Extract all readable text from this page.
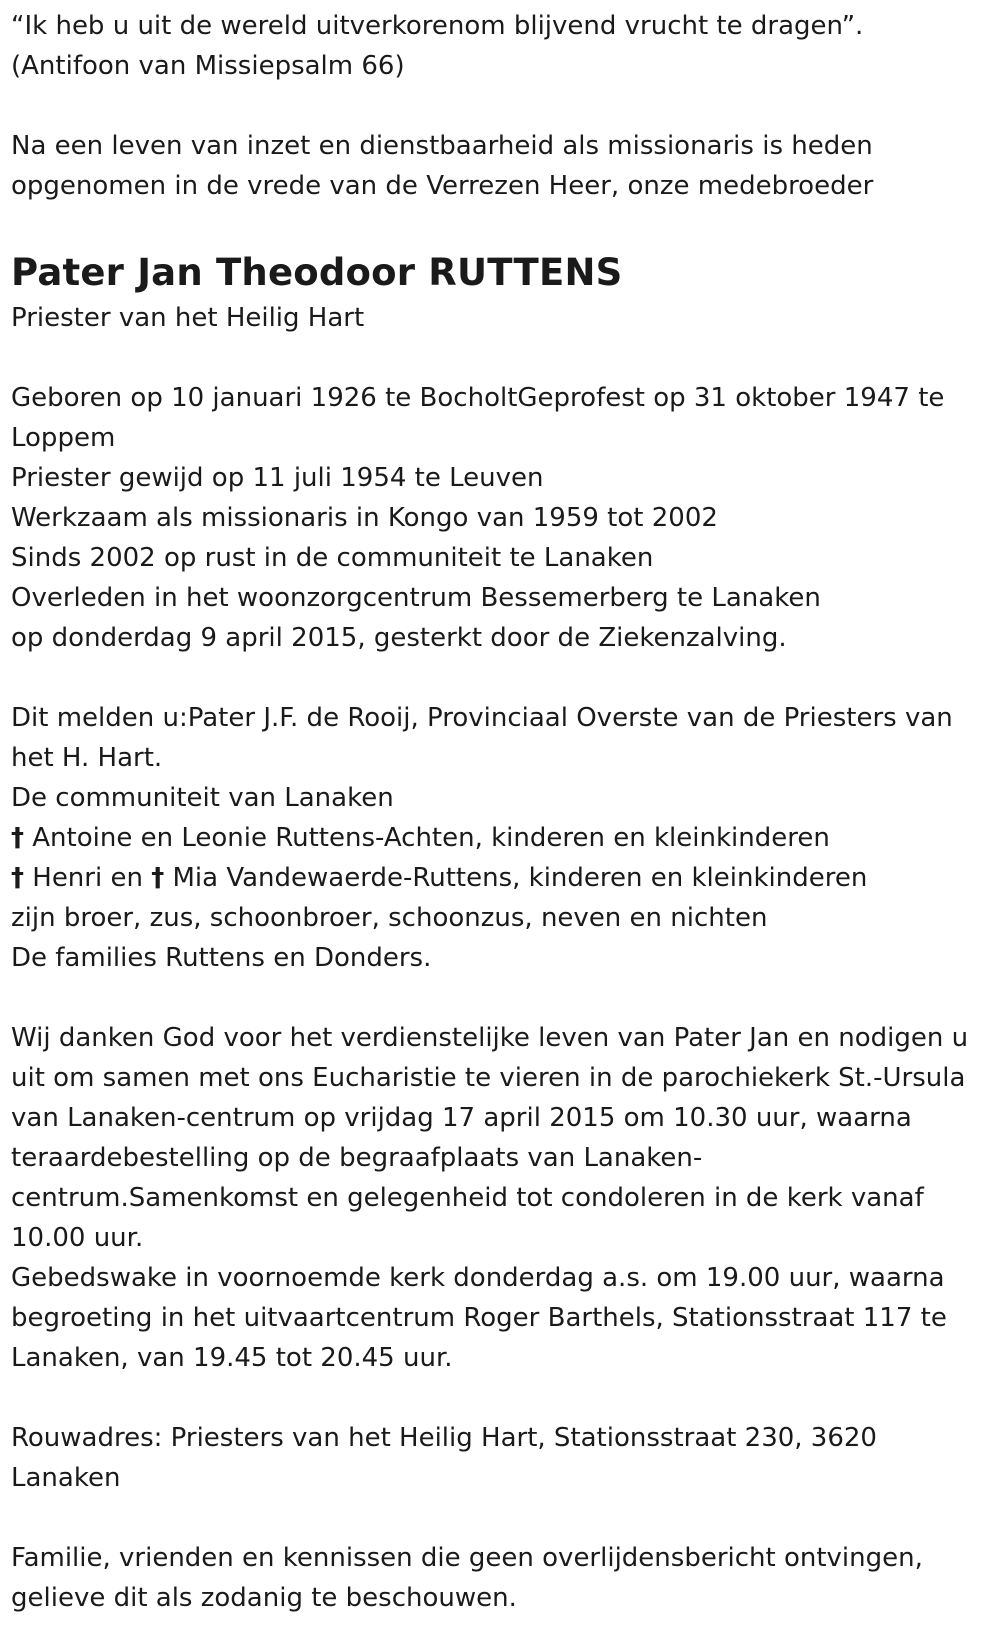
“Ik heb u uit de wereld uitverkorenom blijvend vrucht te dragen”.
(Antifoon van Missiepsalm 66)

Na een leven van inzet en dienstbaarheid als missionaris is heden
opgenomen in de vrede van de Verrezen Heer, onze medebroeder

Pater Jan Theodoor RUTTENS

Priester van het Heilig Hart

Geboren op 10 januari 1926 te BocholtGeprofest op 31 oktober 1947 te
Loppem
Priester gewijd op 11 juli 1954 te Leuven
Werkzaam als missionaris in Kongo van 1959 tot 2002
Sinds 2002 op rust in de communiteit te Lanaken
Overleden in het woonzorgcentrum Bessemerberg te Lanaken
op donderdag 9 april 2015, gesterkt door de Ziekenzalving.

Dit melden u:Pater J.F. de Rooij, Provinciaal Overste van de Priesters van
het H. Hart.
De communiteit van Lanaken
† Antoine en Leonie Ruttens-Achten, kinderen en kleinkinderen
† Henri en † Mia Vandewaerde-Ruttens, kinderen en kleinkinderen
zijn broer, zus, schoonbroer, schoonzus, neven en nichten
De families Ruttens en Donders.

Wij danken God voor het verdienstelijke leven van Pater Jan en nodigen u
uit om samen met ons Eucharistie te vieren in de parochiekerk St.-Ursula
van Lanaken-centrum op vrijdag 17 april 2015 om 10.30 uur, waarna
teraardebestelling op de begraafplaats van Lanaken-
centrum.Samenkomst en gelegenheid tot condoleren in de kerk vanaf
10.00 uur.
Gebedswake in voornoemde kerk donderdag a.s. om 19.00 uur, waarna
begroeting in het uitvaartcentrum Roger Barthels, Stationsstraat 117 te
Lanaken, van 19.45 tot 20.45 uur.

Rouwadres: Priesters van het Heilig Hart, Stationsstraat 230, 3620
Lanaken

Familie, vrienden en kennissen die geen overlijdensbericht ontvingen,
gelieve dit als zodanig te beschouwen.
